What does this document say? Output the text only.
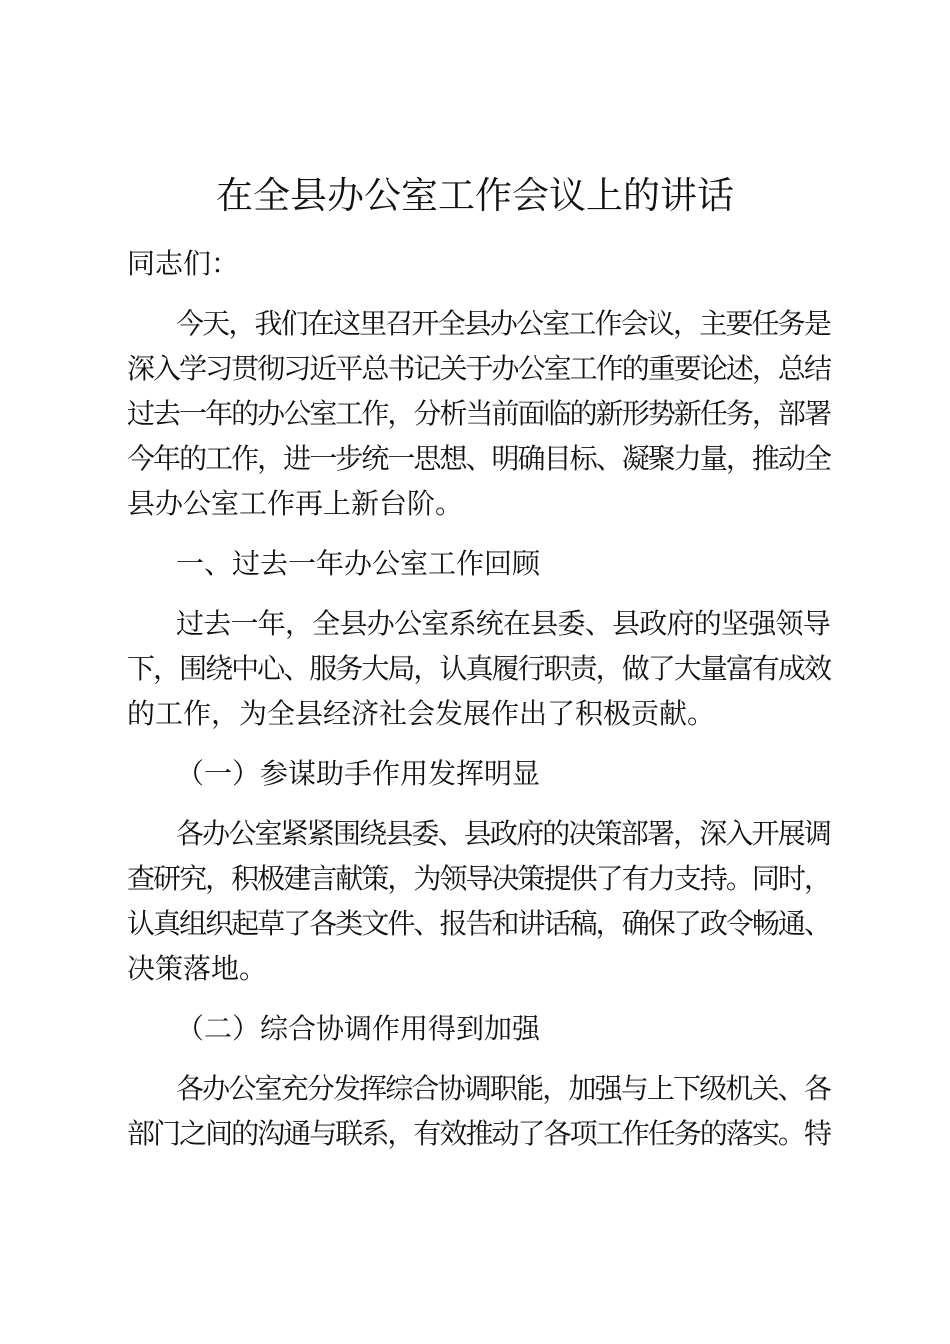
在全县办公室工作会议上的讲话

同志们：

今天，我们在这里召开全县办公室工作会议，主要任务是

深入学习贯彻习近平总书记关于办公室工作的重要论述，总结

过去一年的办公室工作，分析当前面临的新形势新任务，部署

今年的工作，进一步统一思想、明确目标、凝聚力量，推动全

县办公室工作再上新台阶。

一、过去一年办公室工作回顾

过去一年，全县办公室系统在县委、县政府的坚强领导

下，围绕中心、服务大局，认真履行职责，做了大量富有成效

的工作，为全县经济社会发展作出了积极贡献。

（一）参谋助手作用发挥明显

各办公室紧紧围绕县委、县政府的决策部署，深入开展调

查研究，积极建言献策，为领导决策提供了有力支持。同时，

认真组织起草了各类文件、报告和讲话稿，确保了政令畅通、

决策落地。

（二）综合协调作用得到加强

各办公室充分发挥综合协调职能，加强与上下级机关、各

部门之间的沟通与联系，有效推动了各项工作任务的落实。特
